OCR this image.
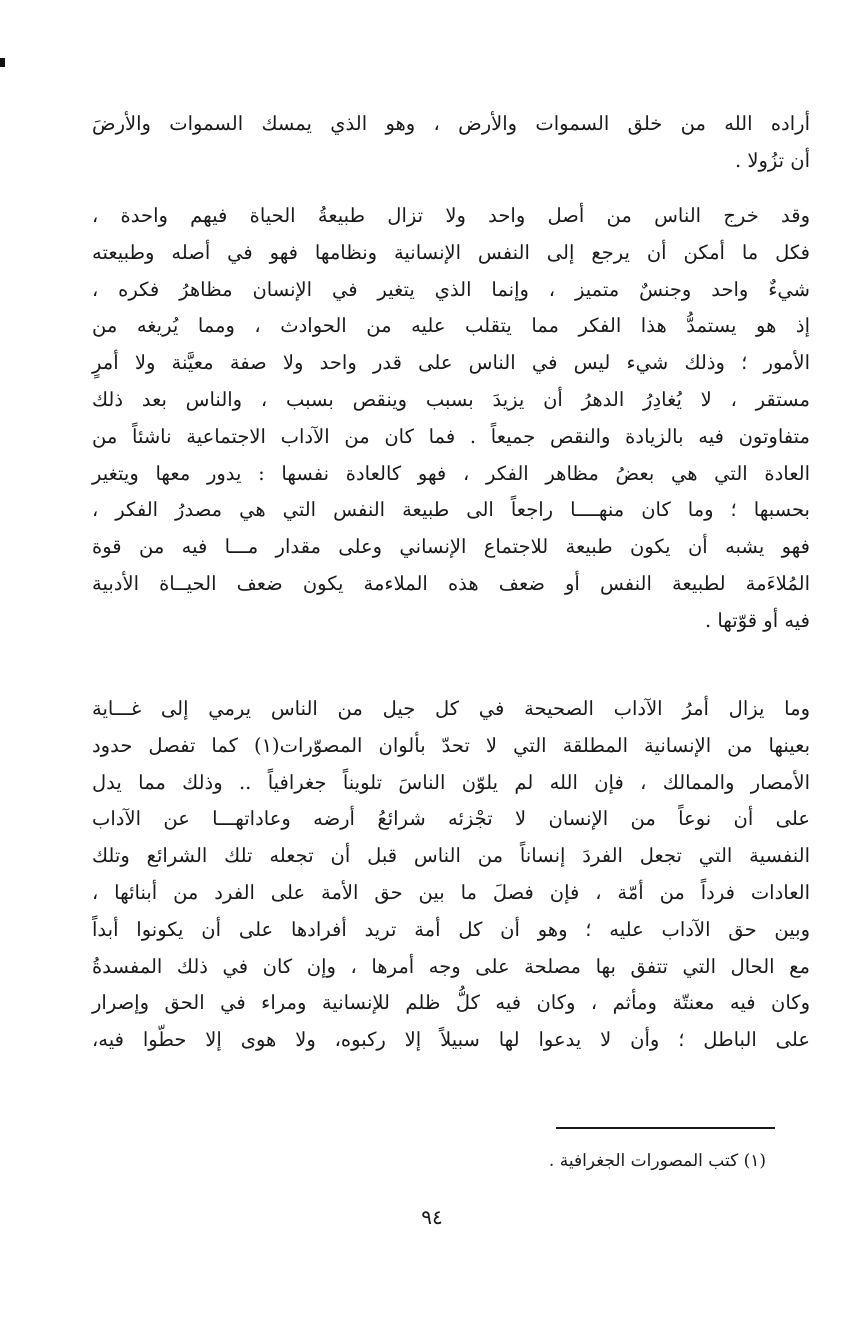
أراده الله من خلق السموات والأرض ، وهو الذي يمسك السموات والأرضَ
أن تزُولا .
وقد خرج الناس من أصل واحد ولا تزال طبيعةُ الحياة فيهم واحدة ،
فكل ما أمكن أن يرجع إلى النفس الإنسانية ونظامها فهو في أصله وطبيعته
شيءٌ واحد وجنسٌ متميز ، وإنما الذي يتغير في الإنسان مظاهرُ فكره ،
إذ هو يستمدُّ هذا الفكر مما يتقلب عليه من الحوادث ، ومما يُريغه من
الأمور ؛ وذلك شيء ليس في الناس على قدر واحد ولا صفة معيَّنة ولا أمرٍ
مستقر ، لا يُغادِرُ الدهرُ أن يزيدَ بسبب وينقص بسبب ، والناس بعد ذلك
متفاوتون فيه بالزيادة والنقص جميعاً . فما كان من الآداب الاجتماعية ناشئاً من
العادة التي هي بعضُ مظاهر الفكر ، فهو كالعادة نفسها : يدور معها ويتغير
بحسبها ؛ وما كان منهــــا راجعاً الى طبيعة النفس التي هي مصدرُ الفكر ،
فهو يشبه أن يكون طبيعة للاجتماع الإنساني وعلى مقدار مـــا فيه من قوة
المُلاءَمة لطبيعة النفس أو ضعف هذه الملاءمة يكون ضعف الحيــاة الأدبية
فيه أو قوّتها .
وما يزال أمرُ الآداب الصحيحة في كل جيل من الناس يرمي إلى غـــاية
بعينها من الإنسانية المطلقة التي لا تحدّ بألوان المصوّرات(١) كما تفصل حدود
الأمصار والممالك ، فإن الله لم يلوّن الناسَ تلويناً جغرافياً .. وذلك مما يدل
على أن نوعاً من الإنسان لا تجْزئه شرائعُ أرضه وعاداتهـــا عن الآداب
النفسية التي تجعل الفردَ إنساناً من الناس قبل أن تجعله تلك الشرائع وتلك
العادات فرداً من أمّة ، فإن فصلَ ما بين حق الأمة على الفرد من أبنائها ،
وبين حق الآداب عليه ؛ وهو أن كل أمة تريد أفرادها على أن يكونوا أبداً
مع الحال التي تتفق بها مصلحة على وجه أمرها ، وإن كان في ذلك المفسدةُ
وكان فيه معنتّة ومأثم ، وكان فيه كلُّ ظلم للإنسانية ومراء في الحق وإصرار
على الباطل ؛ وأن لا يدعوا لها سبيلاً إلا ركبوه، ولا هوى إلا حطّوا فيه،
(١) كتب المصورات الجغرافية .
٩٤
